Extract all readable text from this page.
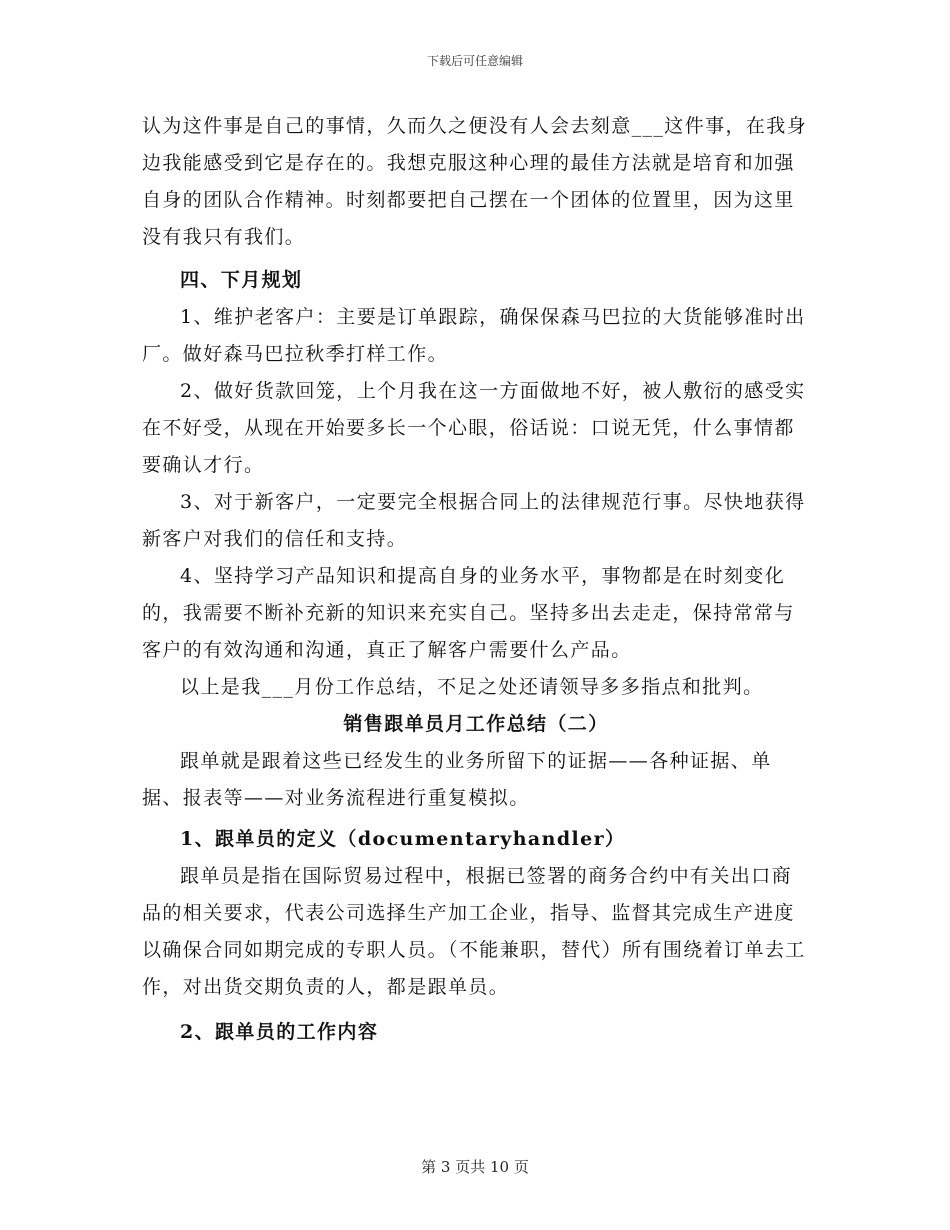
下载后可任意编辑

认为这件事是自己的事情，久而久之便没有人会去刻意___这件事，在我身边我能感受到它是存在的。我想克服这种心理的最佳方法就是培育和加强自身的团队合作精神。时刻都要把自己摆在一个团体的位置里，因为这里没有我只有我们。

四、下月规划

1、维护老客户：主要是订单跟踪，确保保森马巴拉的大货能够准时出厂。做好森马巴拉秋季打样工作。

2、做好货款回笼，上个月我在这一方面做地不好，被人敷衍的感受实在不好受，从现在开始要多长一个心眼，俗话说：口说无凭，什么事情都要确认才行。

3、对于新客户，一定要完全根据合同上的法律规范行事。尽快地获得新客户对我们的信任和支持。

4、坚持学习产品知识和提高自身的业务水平，事物都是在时刻变化的，我需要不断补充新的知识来充实自己。坚持多出去走走，保持常常与客户的有效沟通和沟通，真正了解客户需要什么产品。

以上是我___月份工作总结，不足之处还请领导多多指点和批判。

销售跟单员月工作总结（二）

跟单就是跟着这些已经发生的业务所留下的证据——各种证据、单据、报表等——对业务流程进行重复模拟。

1、跟单员的定义（documentaryhandler）

跟单员是指在国际贸易过程中，根据已签署的商务合约中有关出口商品的相关要求，代表公司选择生产加工企业，指导、监督其完成生产进度以确保合同如期完成的专职人员。（不能兼职，替代）所有围绕着订单去工作，对出货交期负责的人，都是跟单员。

2、跟单员的工作内容

第 3 页共 10 页
